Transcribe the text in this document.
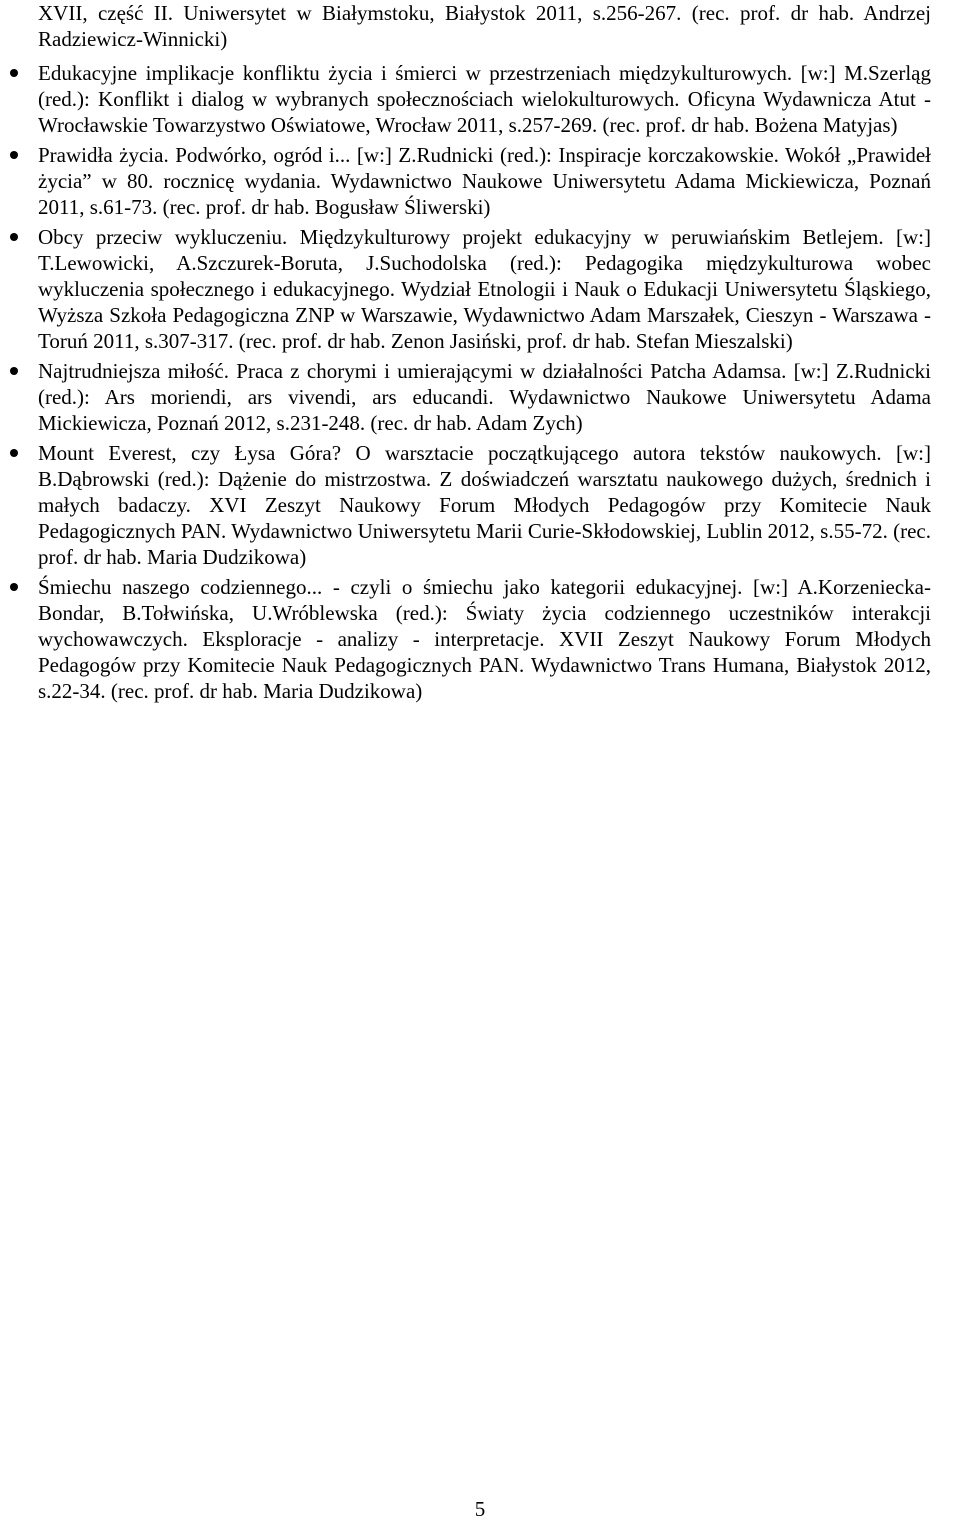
XVII, część II. Uniwersytet w Białymstoku, Białystok 2011, s.256-267. (rec. prof. dr hab. Andrzej Radziewicz-Winnicki)

Edukacyjne implikacje konfliktu życia i śmierci w przestrzeniach międzykulturowych. [w:] M.Szerląg (red.): Konflikt i dialog w wybranych społecznościach wielokulturowych. Oficyna Wydawnicza Atut - Wrocławskie Towarzystwo Oświatowe, Wrocław 2011, s.257-269. (rec. prof. dr hab. Bożena Matyjas)
Prawidła życia. Podwórko, ogród i... [w:] Z.Rudnicki (red.): Inspiracje korczakowskie. Wokół „Prawideł życia” w 80. rocznicę wydania. Wydawnictwo Naukowe Uniwersytetu Adama Mickiewicza, Poznań 2011, s.61-73. (rec. prof. dr hab. Bogusław Śliwerski)
Obcy przeciw wykluczeniu. Międzykulturowy projekt edukacyjny w peruwiańskim Betlejem. [w:] T.Lewowicki, A.Szczurek-Boruta, J.Suchodolska (red.): Pedagogika międzykulturowa wobec wykluczenia społecznego i edukacyjnego. Wydział Etnologii i Nauk o Edukacji Uniwersytetu Śląskiego, Wyższa Szkoła Pedagogiczna ZNP w Warszawie, Wydawnictwo Adam Marszałek, Cieszyn - Warszawa - Toruń 2011, s.307-317. (rec. prof. dr hab. Zenon Jasiński, prof. dr hab. Stefan Mieszalski)
Najtrudniejsza miłość. Praca z chorymi i umierającymi w działalności Patcha Adamsa. [w:] Z.Rudnicki (red.): Ars moriendi, ars vivendi, ars educandi. Wydawnictwo Naukowe Uniwersytetu Adama Mickiewicza, Poznań 2012, s.231-248. (rec. dr hab. Adam Zych)
Mount Everest, czy Łysa Góra? O warsztacie początkującego autora tekstów naukowych. [w:] B.Dąbrowski (red.): Dążenie do mistrzostwa. Z doświadczeń warsztatu naukowego dużych, średnich i małych badaczy. XVI Zeszyt Naukowy Forum Młodych Pedagogów przy Komitecie Nauk Pedagogicznych PAN. Wydawnictwo Uniwersytetu Marii Curie-Skłodowskiej, Lublin 2012, s.55-72. (rec. prof. dr hab. Maria Dudzikowa)
Śmiechu naszego codziennego... - czyli o śmiechu jako kategorii edukacyjnej. [w:] A.Korzeniecka-Bondar, B.Tołwińska, U.Wróblewska (red.): Światy życia codziennego uczestników interakcji wychowawczych. Eksploracje - analizy - interpretacje. XVII Zeszyt Naukowy Forum Młodych Pedagogów przy Komitecie Nauk Pedagogicznych PAN. Wydawnictwo Trans Humana, Białystok 2012, s.22-34. (rec. prof. dr hab. Maria Dudzikowa)
5
